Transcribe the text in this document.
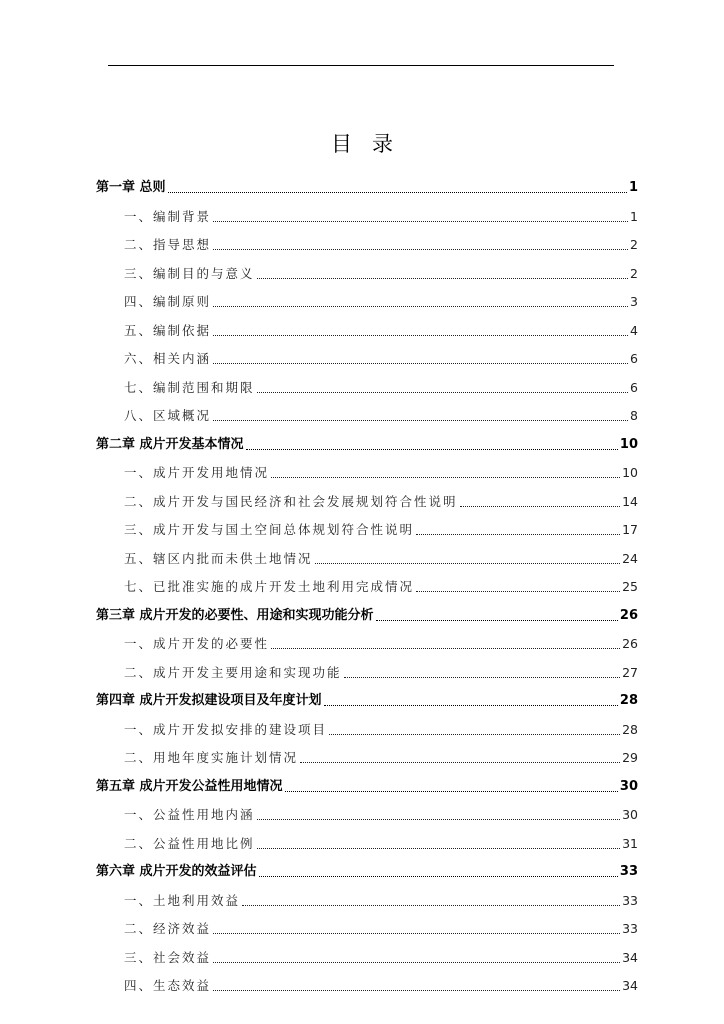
目录
第一章 总则	1
一、编制背景	1
二、指导思想	2
三、编制目的与意义	2
四、编制原则	3
五、编制依据	4
六、相关内涵	6
七、编制范围和期限	6
八、区域概况	8
第二章 成片开发基本情况	10
一、成片开发用地情况	10
二、成片开发与国民经济和社会发展规划符合性说明	14
三、成片开发与国土空间总体规划符合性说明	17
五、辖区内批而未供土地情况	24
七、已批准实施的成片开发土地利用完成情况	25
第三章 成片开发的必要性、用途和实现功能分析	26
一、成片开发的必要性	26
二、成片开发主要用途和实现功能	27
第四章 成片开发拟建设项目及年度计划	28
一、成片开发拟安排的建设项目	28
二、用地年度实施计划情况	29
第五章 成片开发公益性用地情况	30
一、公益性用地内涵	30
二、公益性用地比例	31
第六章 成片开发的效益评估	33
一、土地利用效益	33
二、经济效益	33
三、社会效益	34
四、生态效益	34
